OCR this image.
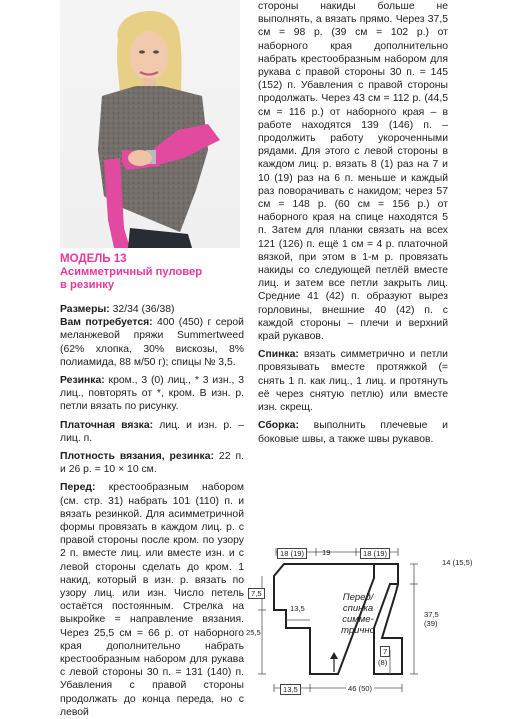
МОДЕЛЬ 13

Асимметричный пуловер
в резинку

Размеры: 32/34 (36/38)

Вам потребуется: 400 (450) г серой меланжевой пряжи Summertweed (62% хлопка, 30% вискозы, 8% полиамида, 88 м/50 г); спицы № 3,5.

Резинка: кром., 3 (0) лиц., * 3 изн., 3 лиц., повторять от *, кром. В изн. р. петли вязать по рисунку.

Платочная вязка: лиц. и изн. р. – лиц. п.

Плотность вязания, резинка: 22 п. и 26 р. = 10 × 10 см.

Перед: крестообразным набором (см. стр. 31) набрать 101 (110) п. и вязать резинкой. Для асимметричной формы провязать в каждом лиц. р. с правой стороны после кром. по узору 2 п. вместе лиц. или вместе изн. и с левой стороны сделать до кром. 1 накид, который в изн. р. вязать по узору лиц. или изн. Число петель остаётся постоянным. Стрелка на выкройке = направление вязания. Через 25,5 см = 66 р. от наборного края дополнительно набрать крестообразным набором для рукава с левой стороны 30 п. = 131 (140) п. Убавления с правой стороны продолжать до конца переда, но с левой

стороны накиды больше не выполнять, а вязать прямо. Через 37,5 см = 98 р. (39 см = 102 р.) от наборного края дополнительно набрать крестообразным набором для рукава с правой стороны 30 п. = 145 (152) п. Убавления с правой стороны продолжать. Через 43 см = 112 р. (44,5 см = 116 р.) от наборного края – в работе находятся 139 (146) п. – продолжить работу укороченными рядами. Для этого с левой стороны в каждом лиц. р. вязать 8 (1) раз на 7 и 10 (19) раз на 6 п. меньше и каждый раз поворачивать с накидом; через 57 см = 148 р. (60 см = 156 р.) от наборного края на спице находятся 5 п. Затем для планки связать на всех 121 (126) п. ещё 1 см = 4 р. платочной вязкой, при этом в 1-м р. провязать накиды со следующей петлёй вместе лиц. и затем все петли закрыть лиц. Средние 41 (42) п. образуют вырез горловины, внешние 40 (42) п. с каждой стороны – плечи и верхний край рукавов.

Спинка: вязать симметрично и петли провязывать вместе протяжкой (= снять 1 п. как лиц., 1 лиц. и протянуть её через снятую петлю) или вместе изн. скрещ.

Сборка: выполнить плечевые и боковые швы, а также швы рукавов.

18 (19)	19	18 (19)
14 (15,5)
7,5
13,5
Перед/
спинка
симме-
трично
25,5
37,5
(39)
7
(8)
13,5	46 (50)
